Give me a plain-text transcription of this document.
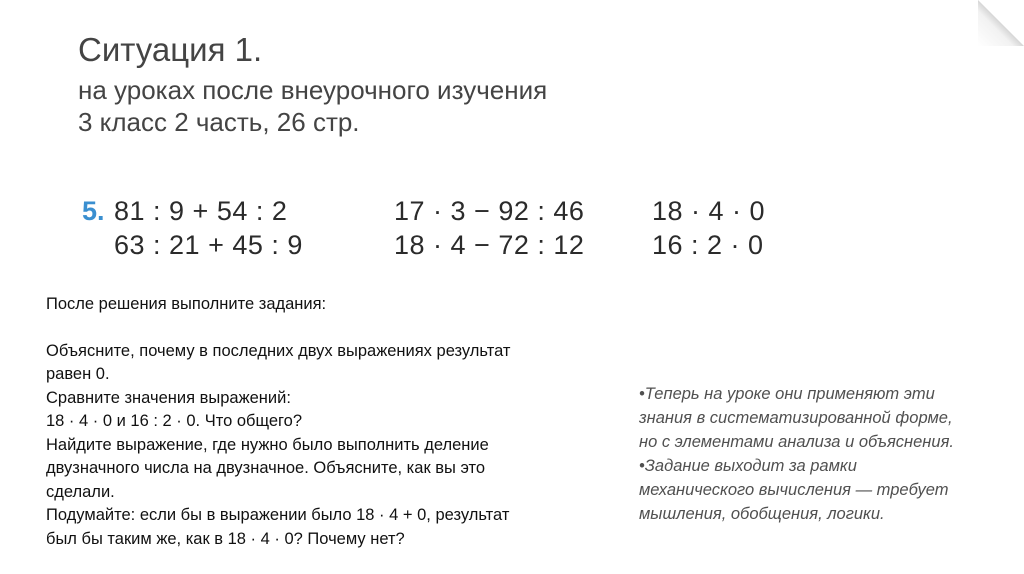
Ситуация 1.
на уроках после внеурочного изучения
3 класс 2 часть, 26 стр.
5. 81 : 9 + 54 : 2
63 : 21 + 45 : 9
17 · 3 − 92 : 46
18 · 4 − 72 : 12
18 · 4 · 0
16 : 2 · 0

После решения выполните задания:

Объясните, почему в последних двух выражениях результат

равен 0.

Сравните значения выражений:

18 · 4 · 0 и 16 : 2 · 0. Что общего?

Найдите выражение, где нужно было выполнить деление

двузначного числа на двузначное. Объясните, как вы это

сделали.

Подумайте: если бы в выражении было 18 · 4 + 0, результат

был бы таким же, как в 18 · 4 · 0? Почему нет?

•Теперь на уроке они применяют эти

знания в систематизированной форме,

но с элементами анализа и объяснения.

•Задание выходит за рамки

механического вычисления — требует

мышления, обобщения, логики.
